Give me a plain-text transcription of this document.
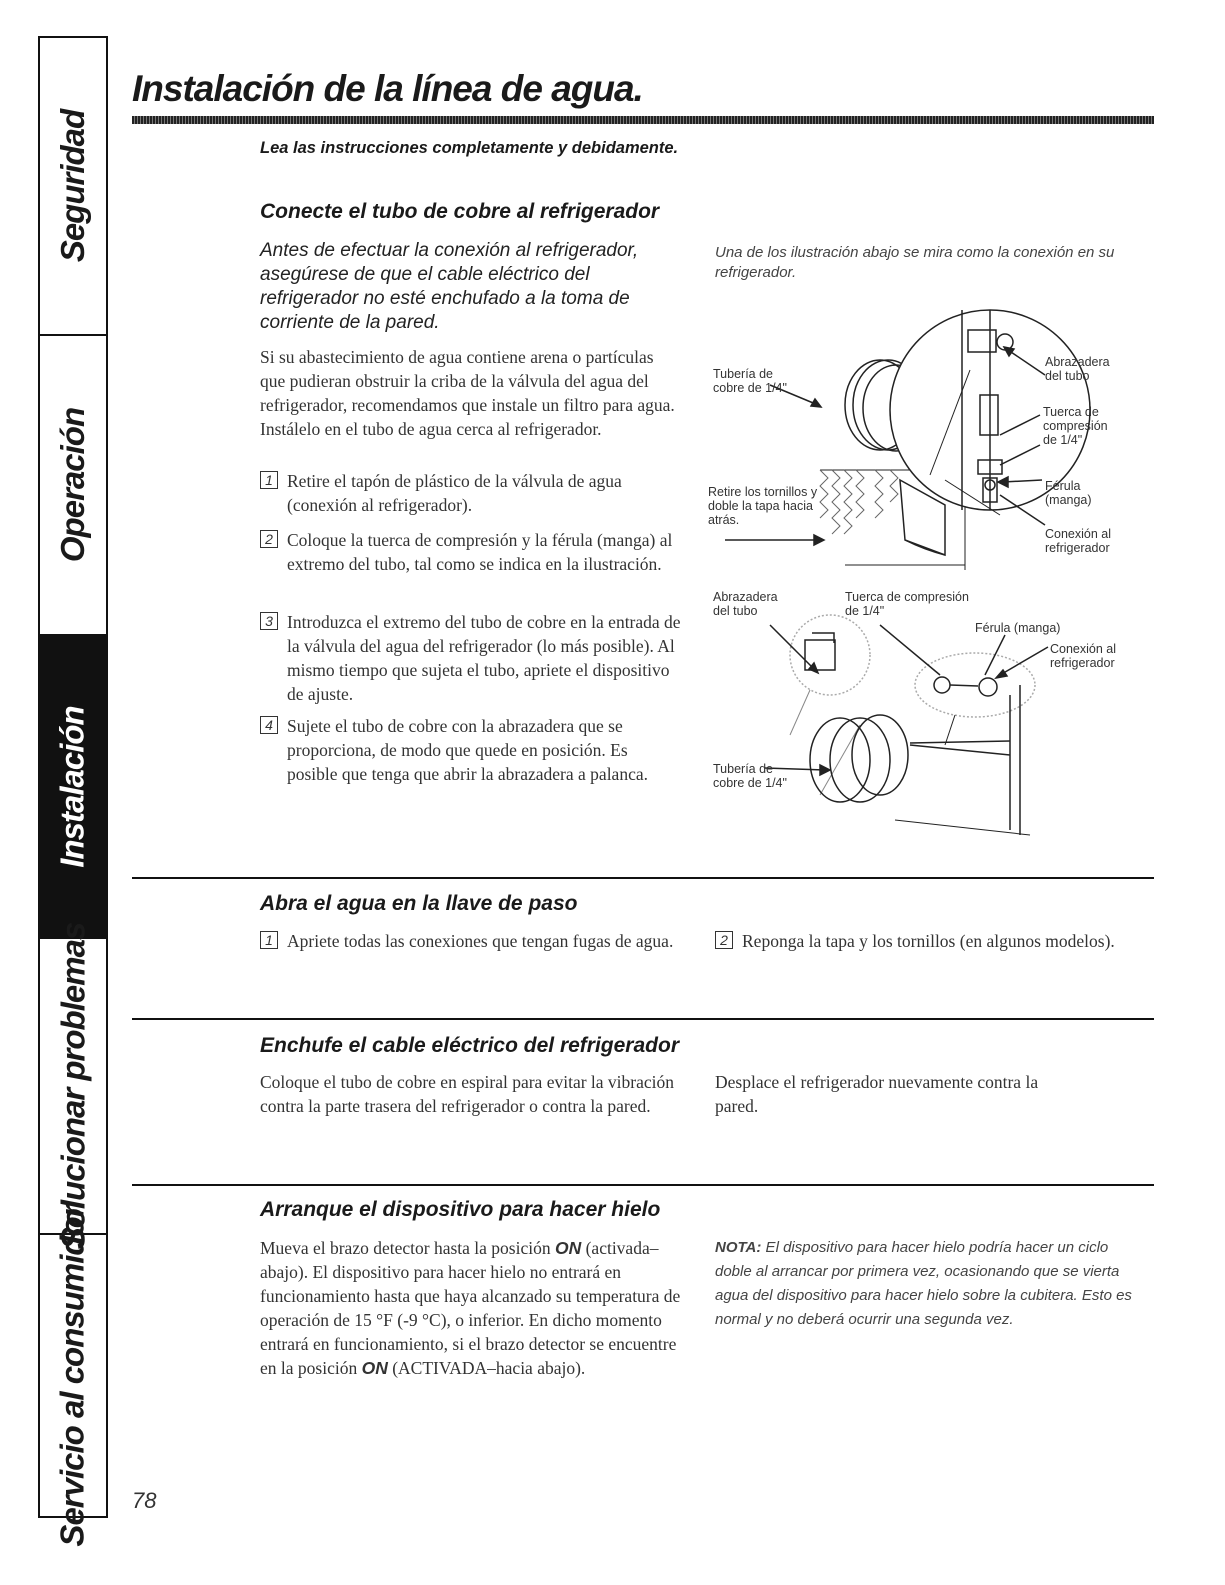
Seguridad
Operación
Instalación
Solucionar problemas
Servicio al consumidor
Instalación de la línea de agua.
Lea las instrucciones completamente y debidamente.
Conecte el tubo de cobre al refrigerador
Antes de efectuar la conexión al refrigerador, asegúrese de que el cable eléctrico del refrigerador no esté enchufado a la toma de corriente de la pared.
Si su abastecimiento de agua contiene arena o partículas que pudieran obstruir la criba de la válvula del agua del refrigerador, recomendamos que instale un filtro para agua. Instálelo en el tubo de agua cerca al refrigerador.
1 Retire el tapón de plástico de la válvula de agua (conexión al refrigerador).
2 Coloque la tuerca de compresión y la férula (manga) al extremo del tubo, tal como se indica en la ilustración.
3 Introduzca el extremo del tubo de cobre en la entrada de la válvula del agua del refrigerador (lo más posible). Al mismo tiempo que sujeta el tubo, apriete el dispositivo de ajuste.
4 Sujete el tubo de cobre con la abrazadera que se proporciona, de modo que quede en posición. Es posible que tenga que abrir la abrazadera a palanca.
Una de los ilustración abajo se mira como la conexión en su refrigerador.
Tubería de cobre de 1/4"
Retire los tornillos y doble la tapa hacia atrás.
Abrazadera del tubo
Tuerca de compresión de 1/4"
Férula (manga)
Conexión al refrigerador
Abrazadera del tubo
Tuerca de compresión de 1/4"
Férula (manga)
Conexión al refrigerador
Tubería de cobre de 1/4"
Abra el agua en la llave de paso
1 Apriete todas las conexiones que tengan fugas de agua.	2 Reponga la tapa y los tornillos (en algunos modelos).
Enchufe el cable eléctrico del refrigerador
Coloque el tubo de cobre en espiral para evitar la vibración contra la parte trasera del refrigerador o contra la pared.
Desplace el refrigerador nuevamente contra la pared.
Arranque el dispositivo para hacer hielo
Mueva el brazo detector hasta la posición ON (activada–abajo). El dispositivo para hacer hielo no entrará en funcionamiento hasta que haya alcanzado su temperatura de operación de 15 °F (-9 °C), o inferior. En dicho momento entrará en funcionamiento, si el brazo detector se encuentre en la posición ON (ACTIVADA–hacia abajo).
NOTA: El dispositivo para hacer hielo podría hacer un ciclo doble al arrancar por primera vez, ocasionando que se vierta agua del dispositivo para hacer hielo sobre la cubitera. Esto es normal y no deberá ocurrir una segunda vez.
78
